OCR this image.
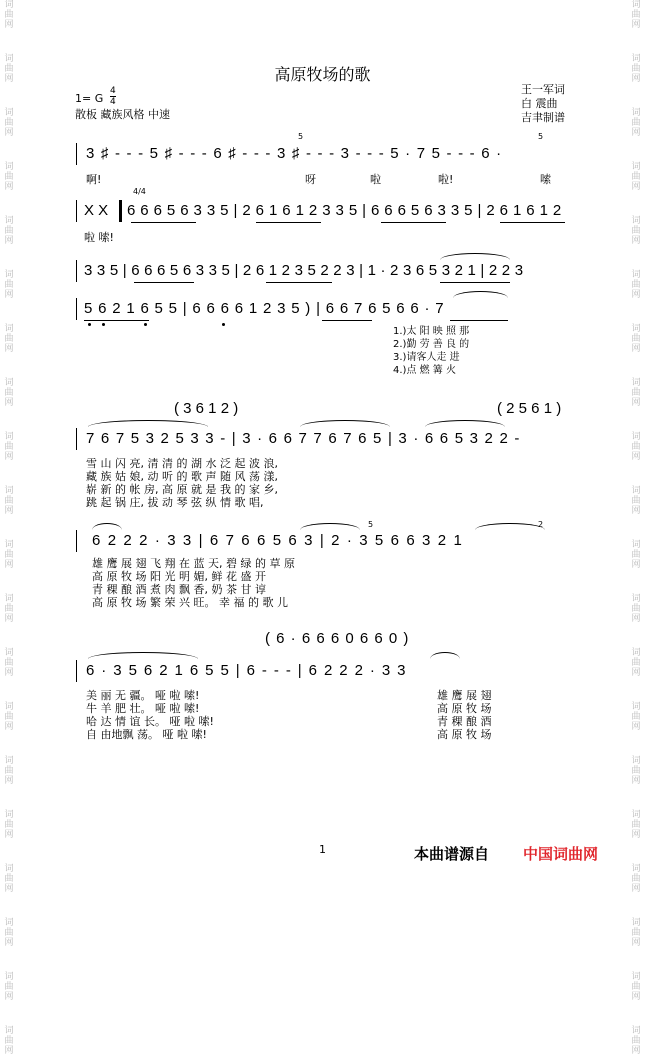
词
曲
网
词
曲
网
词
曲
网
词
曲
网
词
曲
网
词
曲
网
词
曲
网
词
曲
网
词
曲
网
词
曲
网
词
曲
网
词
曲
网
词
曲
网
词
曲
网
词
曲
网
词
曲
网
词
曲
网
词
曲
网
词
曲
网
词
曲
网
词
曲
网
词
曲
网
词
曲
网
词
曲
网
词
曲
网
词
曲
网
词
曲
网
词
曲
网
词
曲
网
词
曲
网
词
曲
网
词
曲
网
词
曲
网
词
曲
网
词
曲
网
词
曲
网
词
曲
网
词
曲
网
词
曲
网
词
曲
网
高原牧场的歌
1= G
4
4
散板 藏族风格 中速
王一军词
白 震曲
吉聿制谱
3 ♯ - - - 5 ♯ - - - 6 ♯ - - - 3 ♯ - - - 3 - - - 5 · 7 5 - - - 6 ·
5	5
啊!	呀	啦	啦!	嗦
X X
4/4
6 6 6 5 6 3 3 5 | 2 6 1 6 1 2 3 3 5 | 6 6 6 5 6 3 3 5 | 2 6 1 6 1 2
啦 嗦!
3 3 5 | 6 6 6 5 6 3 3 5 | 2 6 1 2 3 5 2 2 3 | 1 · 2 3 6 5 3 2 1 | 2 2 3
5 6 2 1 6 5 5 | 6 6 6 6 1 2 3 5 ) | 6 6 7 6 5 6 6 · 7
1.)太 阳 映 照 那
2.)勤 劳 善 良 的
3.)请客人走 进
4.)点 燃 篝 火
( 3 6 1 2 )	( 2 5 6 1 )
7 6 7 5 3 2 5 3 3 - | 3 · 6 6 7 7 6 7 6 5 | 3 · 6 6 5 3 2 2 -
雪 山 闪 亮, 清 清 的 湖 水 泛 起 波 浪,
藏 族 姑 娘, 动 听 的 歌 声 随 风 荡 漾,
崭 新 的 帐 房, 高 原 就 是 我 的 家 乡,
跳 起 锅 庄, 拔 动 琴 弦 纵 情 歌 唱,
6 2 2 2 · 3 3 | 6 7 6 6 5 6 3 | 2 · 3 5 6 6 3 2 1
5	2
雄 鹰 展 翅 飞 翔 在 蓝 天, 碧 绿 的 草 原
高 原 牧 场 阳 光 明 媚, 鲜 花 盛 开
青 稞 酿 酒 煮 肉 飘 香, 奶 茶 甘 谆
高 原 牧 场 繁 荣 兴 旺。 幸 福 的 歌 儿
( 6 · 6 6 6 0 6 6 0 )
6 · 3 5 6 2 1 6 5 5 | 6 - - - | 6 2 2 2 · 3 3
美 丽 无 疆。 哑 啦 嗦!
牛 羊 肥 壮。 哑 啦 嗦!
哈 达 情 谊 长。 哑 啦 嗦!
自 由地飘 荡。 哑 啦 嗦!
雄 鹰 展 翅
高 原 牧 场
青 稞 酿 酒
高 原 牧 场
1	本曲谱源自 中国词曲网
